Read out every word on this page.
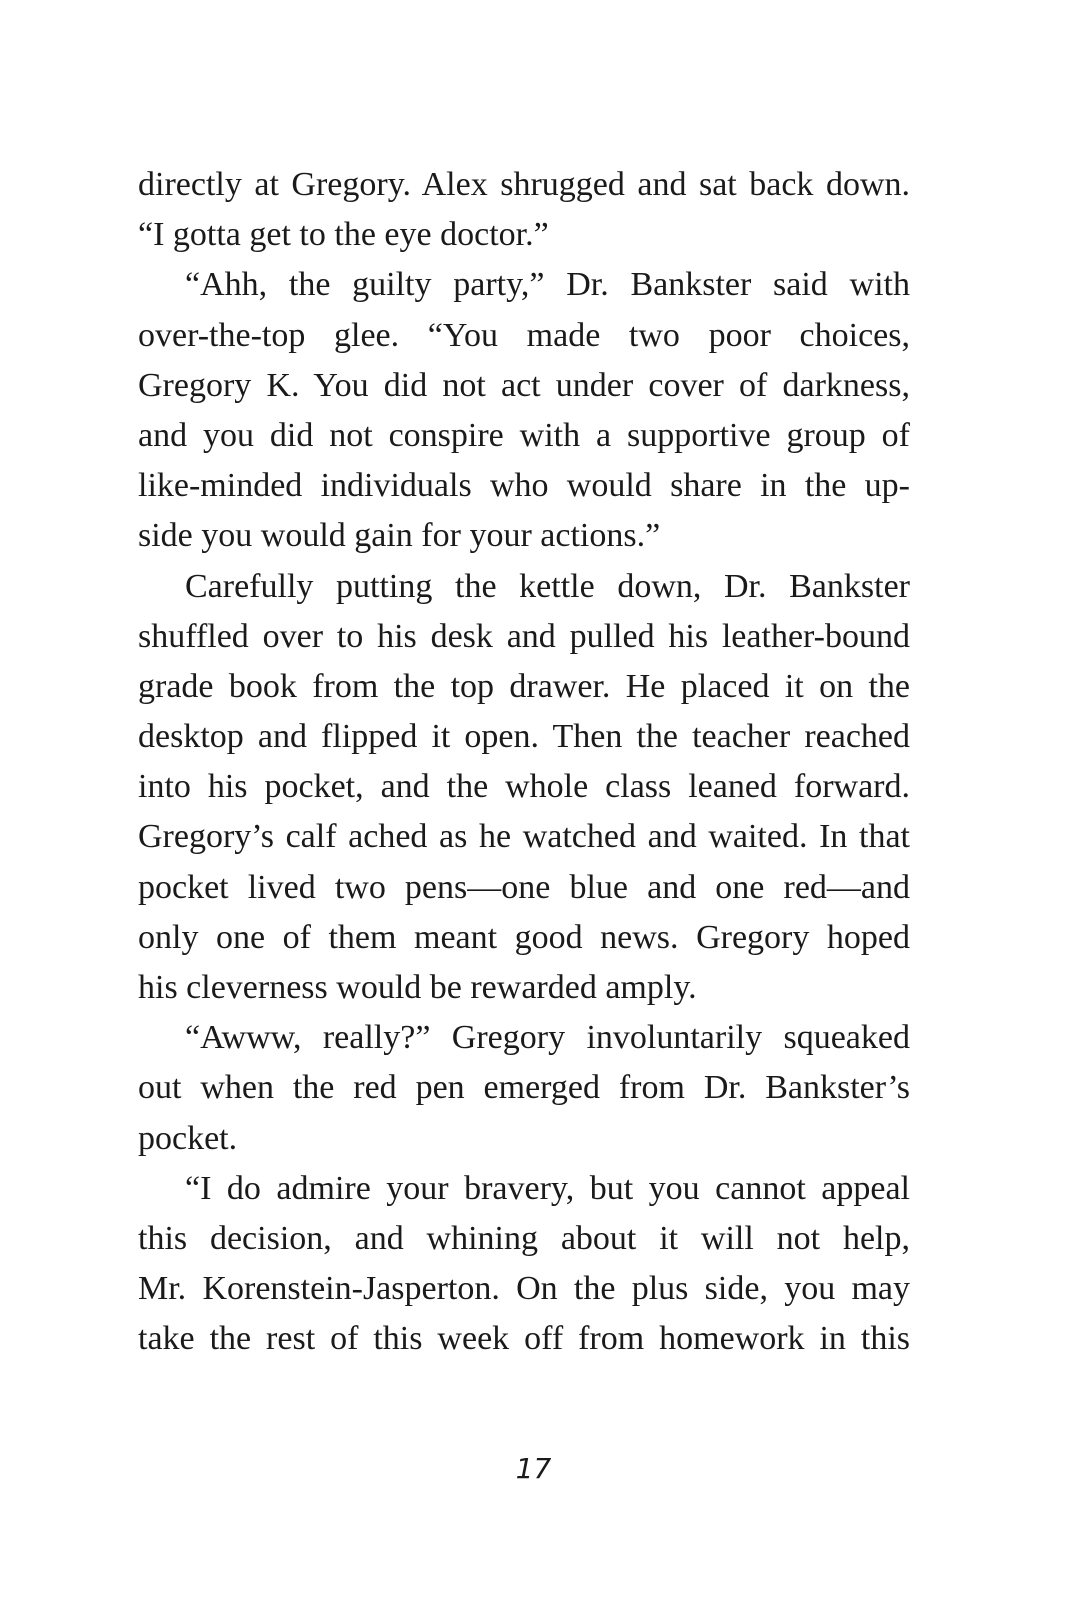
directly at Gregory. Alex shrugged and sat back down.
“I gotta get to the eye doctor.”
“Ahh, the guilty party,” Dr. Bankster said with
over-the-top glee. “You made two poor choices,
Gregory K. You did not act under cover of darkness,
and you did not conspire with a supportive group of
like-minded individuals who would share in the up-
side you would gain for your actions.”
Carefully putting the kettle down, Dr. Bankster
shuffled over to his desk and pulled his leather-bound
grade book from the top drawer. He placed it on the
desktop and flipped it open. Then the teacher reached
into his pocket, and the whole class leaned forward.
Gregory’s calf ached as he watched and waited. In that
pocket lived two pens—one blue and one red—and
only one of them meant good news. Gregory hoped
his cleverness would be rewarded amply.
“Awww, really?” Gregory involuntarily squeaked
out when the red pen emerged from Dr. Bankster’s
pocket.
“I do admire your bravery, but you cannot appeal
this decision, and whining about it will not help,
Mr. Korenstein-Jasperton. On the plus side, you may
take the rest of this week off from homework in this
17
